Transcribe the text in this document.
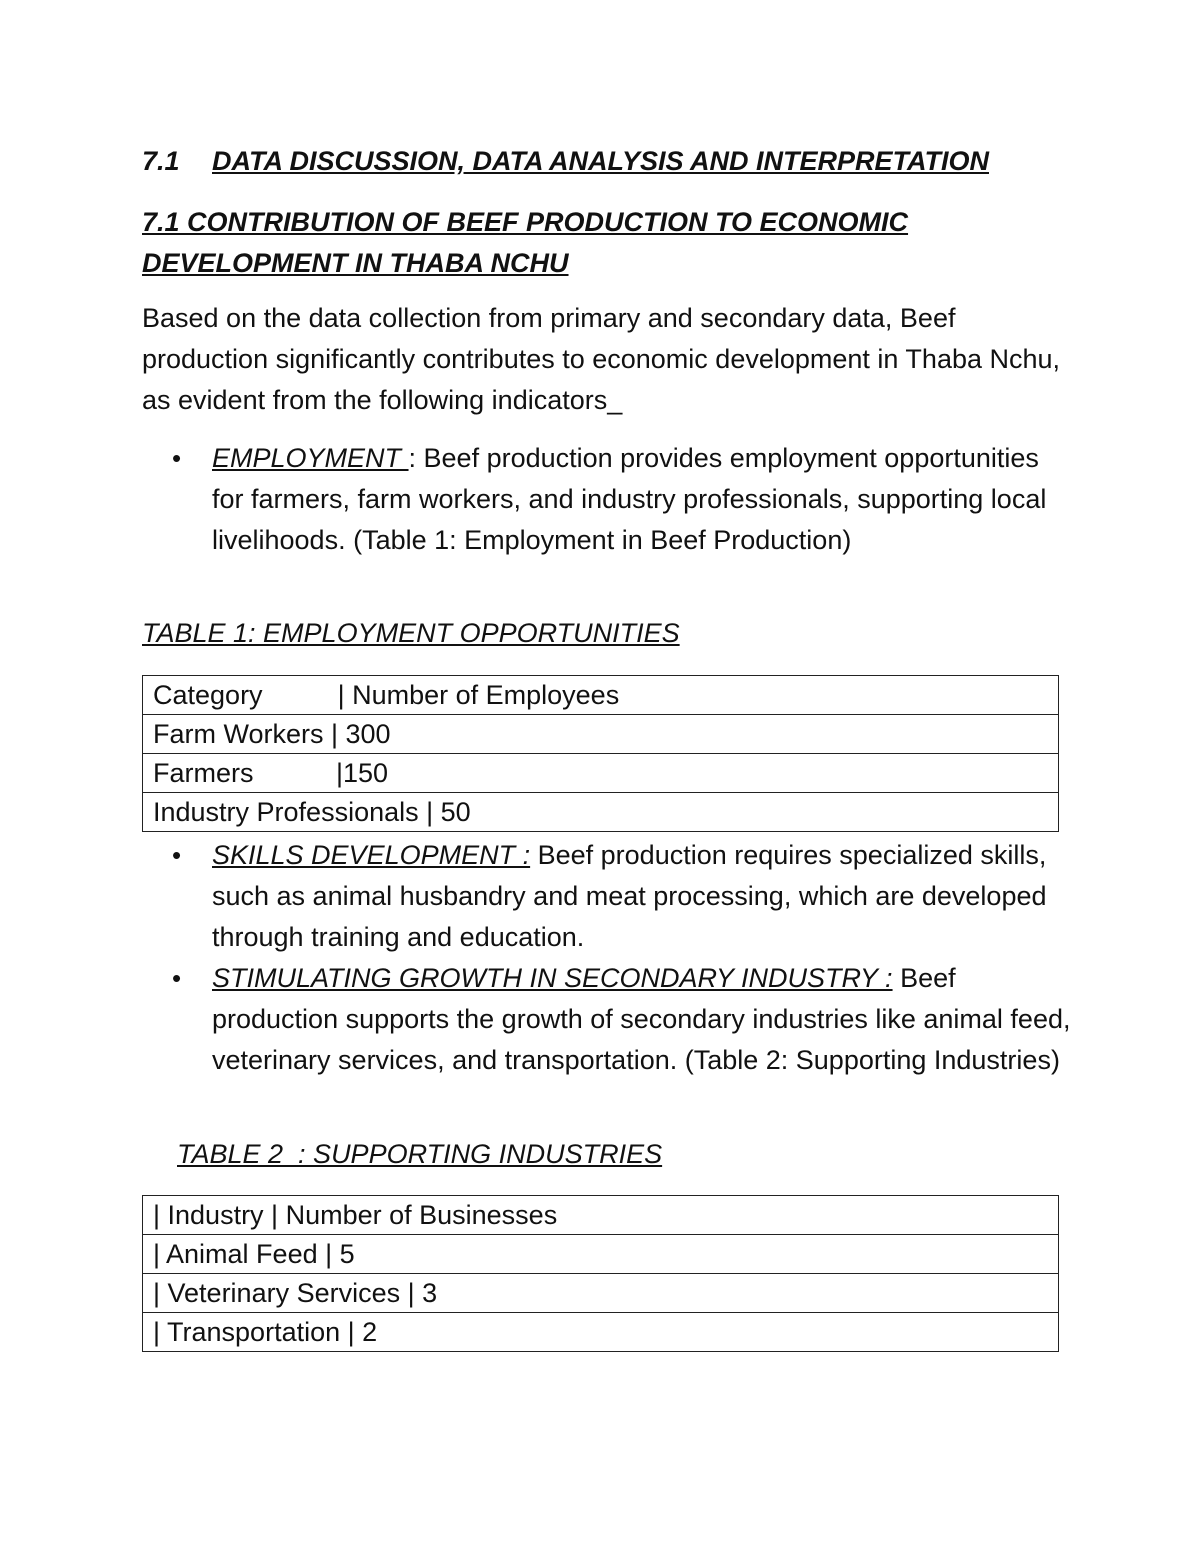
7.1 DATA DISCUSSION, DATA ANALYSIS AND INTERPRETATION
7.1 CONTRIBUTION OF BEEF PRODUCTION TO ECONOMIC DEVELOPMENT IN THABA NCHU
Based on the data collection from primary and secondary data, Beef production significantly contributes to economic development in Thaba Nchu, as evident from the following indicators_
• EMPLOYMENT : Beef production provides employment opportunities for farmers, farm workers, and industry professionals, supporting local livelihoods. (Table 1: Employment in Beef Production)
TABLE 1: EMPLOYMENT OPPORTUNITIES
Category          | Number of Employees
Farm Workers | 300
Farmers           |150
Industry Professionals | 50
• SKILLS DEVELOPMENT : Beef production requires specialized skills, such as animal husbandry and meat processing, which are developed through training and education.
• STIMULATING GROWTH IN SECONDARY INDUSTRY : Beef production supports the growth of secondary industries like animal feed, veterinary services, and transportation. (Table 2: Supporting Industries)
TABLE 2  : SUPPORTING INDUSTRIES
| Industry | Number of Businesses
| Animal Feed | 5
| Veterinary Services | 3
| Transportation | 2
